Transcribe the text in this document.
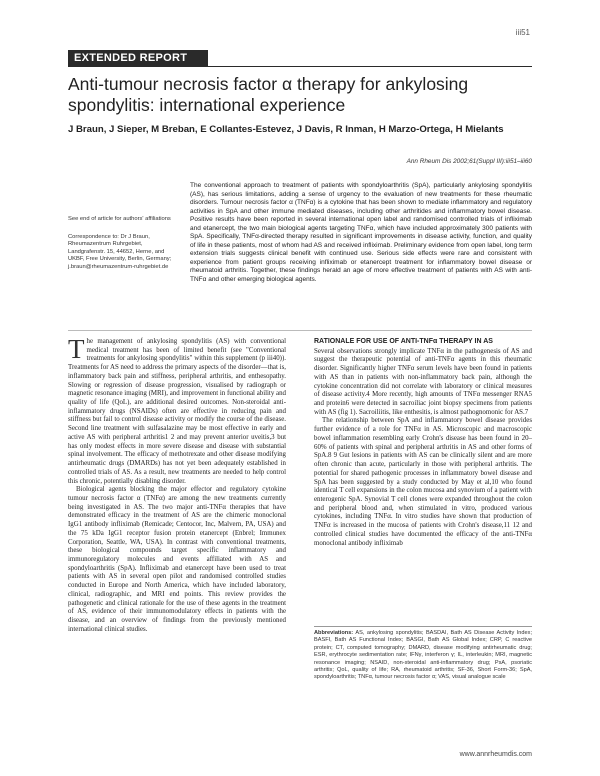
iii51
EXTENDED REPORT
Anti-tumour necrosis factor α therapy for ankylosing spondylitis: international experience

J Braun, J Sieper, M Breban, E Collantes-Estevez, J Davis, R Inman, H Marzo-Ortega, H Mielants

Ann Rheum Dis 2002;61(Suppl III):iii51–iii60

See end of article for authors' affiliations

Correspondence to: Dr J Braun, Rheumazentrum Ruhrgebiet, Landgrafenstr. 15, 44652, Herne, and UKBF, Free University, Berlin, Germany; j.braun@rheumazentrum-ruhrgebiet.de

The conventional approach to treatment of patients with spondyloarthritis (SpA), particularly ankylosing spondylitis (AS), has serious limitations, adding a sense of urgency to the evaluation of new treatments for these rheumatic disorders. Tumour necrosis factor α (TNFα) is a cytokine that has been shown to mediate inflammatory and regulatory activities in SpA and other immune mediated diseases, including other arthritides and inflammatory bowel disease. Positive results have been reported in several international open label and randomised controlled trials of infliximab and etanercept, the two main biological agents targeting TNFα, which have included approximately 300 patients with SpA. Specifically, TNFα-directed therapy resulted in significant improvements in disease activity, function, and quality of life in these patients, most of whom had AS and received infliximab. Preliminary evidence from open label, long term extension trials suggests clinical benefit with continued use. Serious side effects were rare and consistent with experience from patient groups receiving infliximab or etanercept treatment for inflammatory bowel disease or rheumatoid arthritis. Together, these findings herald an age of more effective treatment of patients with AS with anti-TNFα and other emerging biological agents.

The management of ankylosing spondylitis (AS) with conventional medical treatment has been of limited benefit (see "Conventional treatments for ankylosing spondylitis" within this supplement (p iii40)). Treatments for AS need to address the primary aspects of the disorder—that is, inflammatory back pain and stiffness, peripheral arthritis, and enthesopathy. Slowing or regression of disease progression, visualised by radiograph or magnetic resonance imaging (MRI), and improvement in functional ability and quality of life (QoL), are additional desired outcomes. Non-steroidal anti-inflammatory drugs (NSAIDs) often are effective in reducing pain and stiffness but fail to control disease activity or modify the course of the disease. Second line treatment with sulfasalazine may be most effective in early and active AS with peripheral arthritis1 2 and may prevent anterior uveitis,3 but has only modest effects in more severe disease and disease with substantial spinal involvement. The efficacy of methotrexate and other disease modifying antirheumatic drugs (DMARDs) has not yet been adequately established in controlled trials of AS. As a result, new treatments are needed to help control this chronic, potentially disabling disorder.

Biological agents blocking the major effector and regulatory cytokine tumour necrosis factor α (TNFα) are among the new treatments currently being investigated in AS. The two major anti-TNFα therapies that have demonstrated efficacy in the treatment of AS are the chimeric monoclonal IgG1 antibody infliximab (Remicade; Centocor, Inc, Malvern, PA, USA) and the 75 kDa IgG1 receptor fusion protein etanercept (Enbrel; Immunex Corporation, Seattle, WA, USA). In contrast with conventional treatments, these biological compounds target specific inflammatory and immunoregulatory molecules and events affiliated with AS and spondyloarthritis (SpA). Infliximab and etanercept have been used to treat patients with AS in several open pilot and randomised controlled studies conducted in Europe and North America, which have included laboratory, clinical, radiographic, and MRI end points. This review provides the pathogenetic and clinical rationale for the use of these agents in the treatment of AS, evidence of their immunomodulatory effects in patients with the disease, and an overview of findings from the previously mentioned international clinical studies.

RATIONALE FOR USE OF ANTI-TNFα THERAPY IN AS

Several observations strongly implicate TNFα in the pathogenesis of AS and suggest the therapeutic potential of anti-TNFα agents in this rheumatic disorder. Significantly higher TNFα serum levels have been found in patients with AS than in patients with non-inflammatory back pain, although the cytokine concentration did not correlate with laboratory or clinical measures of disease activity.4 More recently, high amounts of TNFα messenger RNA5 and protein6 were detected in sacroiliac joint biopsy specimens from patients with AS (fig 1). Sacroiliitis, like enthesitis, is almost pathognomonic for AS.7

The relationship between SpA and inflammatory bowel disease provides further evidence of a role for TNFα in AS. Microscopic and macroscopic bowel inflammation resembling early Crohn's disease has been found in 20–60% of patients with spinal and peripheral arthritis in AS and other forms of SpA.8 9 Gut lesions in patients with AS can be clinically silent and are more often chronic than acute, particularly in those with peripheral arthritis. The potential for shared pathogenic processes in inflammatory bowel disease and SpA has been suggested by a study conducted by May et al,10 who found identical T cell expansions in the colon mucosa and synovium of a patient with enterogenic SpA. Synovial T cell clones were expanded throughout the colon and peripheral blood and, when stimulated in vitro, produced various cytokines, including TNFα. In vitro studies have shown that production of TNFα is increased in the mucosa of patients with Crohn's disease,11 12 and controlled clinical studies have documented the efficacy of the anti-TNFα monoclonal antibody infliximab

Abbreviations: AS, ankylosing spondylitis; BASDAI, Bath AS Disease Activity Index; BASFI, Bath AS Functional Index; BASGI, Bath AS Global Index; CRP, C reactive protein; CT, computed tomography; DMARD, disease modifying antirheumatic drug; ESR, erythrocyte sedimentation rate; IFNγ, interferon γ; IL, interleukin; MRI, magnetic resonance imaging; NSAID, non-steroidal anti-inflammatory drug; PsA, psoriatic arthritis; QoL, quality of life; RA, rheumatoid arthritis; SF-36, Short Form-36; SpA, spondyloarthritis; TNFα, tumour necrosis factor α; VAS, visual analogue scale

www.annrheumdis.com
